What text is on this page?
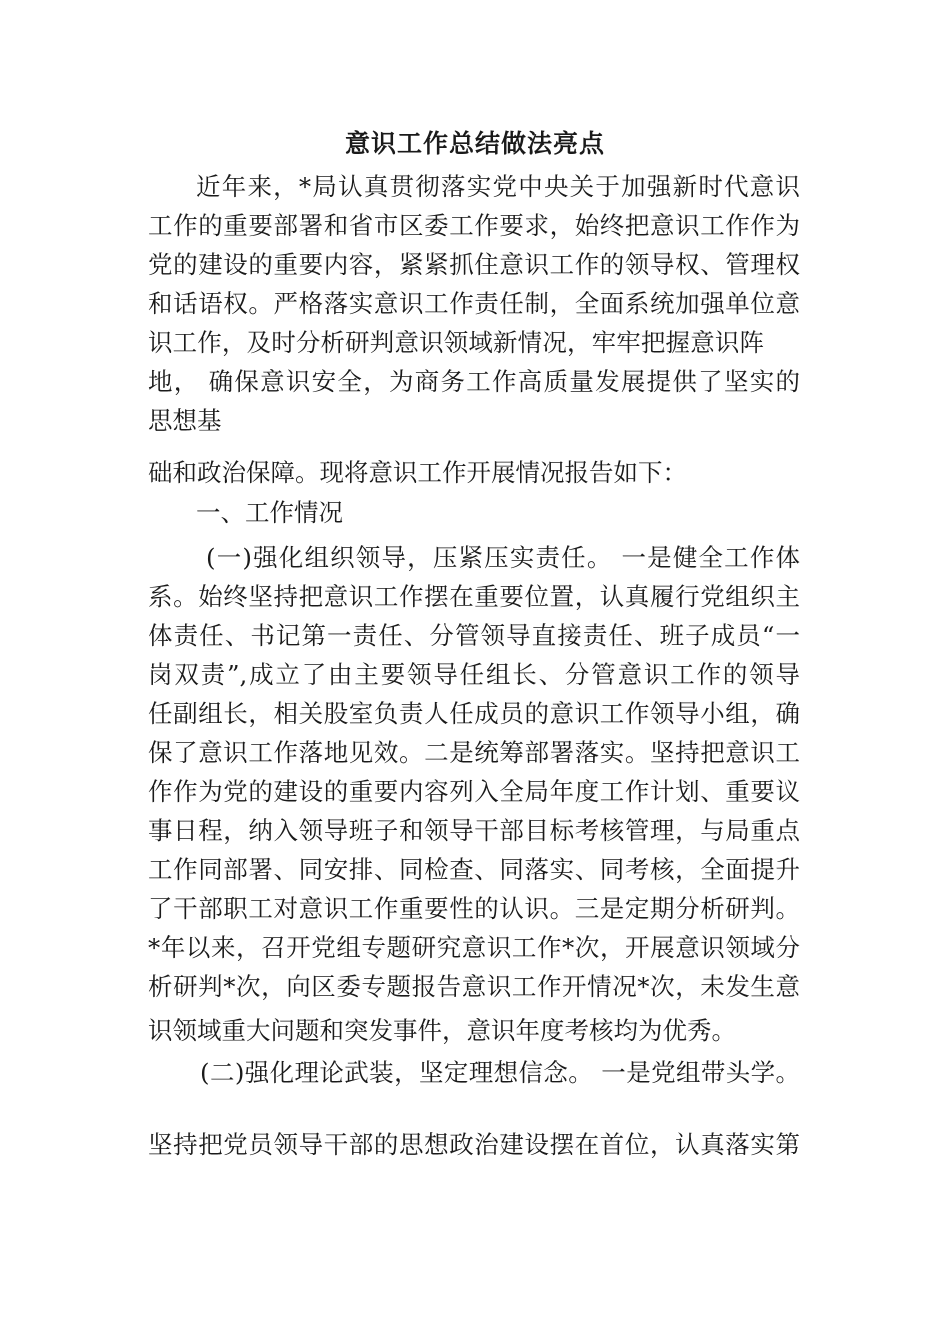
意识工作总结做法亮点
近年来，*局认真贯彻落实党中央关于加强新时代意识
工作的重要部署和省市区委工作要求，始终把意识工作作为
党的建设的重要内容，紧紧抓住意识工作的领导权、管理权
和话语权。严格落实意识工作责任制，全面系统加强单位意
识工作，及时分析研判意识领域新情况，牢牢把握意识阵
地， 确保意识安全，为商务工作高质量发展提供了坚实的
思想基
础和政治保障。现将意识工作开展情况报告如下：
一、工作情况
(一)强化组织领导，压紧压实责任。 一是健全工作体
系。始终坚持把意识工作摆在重要位置，认真履行党组织主
体责任、书记第一责任、分管领导直接责任、班子成员“一
岗双责”,成立了由主要领导任组长、分管意识工作的领导
任副组长，相关股室负责人任成员的意识工作领导小组，确
保了意识工作落地见效。二是统筹部署落实。坚持把意识工
作作为党的建设的重要内容列入全局年度工作计划、重要议
事日程，纳入领导班子和领导干部目标考核管理，与局重点
工作同部署、同安排、同检查、同落实、同考核，全面提升
了干部职工对意识工作重要性的认识。三是定期分析研判。
*年以来，召开党组专题研究意识工作*次，开展意识领域分
析研判*次，向区委专题报告意识工作开情况*次，未发生意
识领域重大问题和突发事件，意识年度考核均为优秀。
(二)强化理论武装，坚定理想信念。 一是党组带头学。
坚持把党员领导干部的思想政治建设摆在首位，认真落实第
